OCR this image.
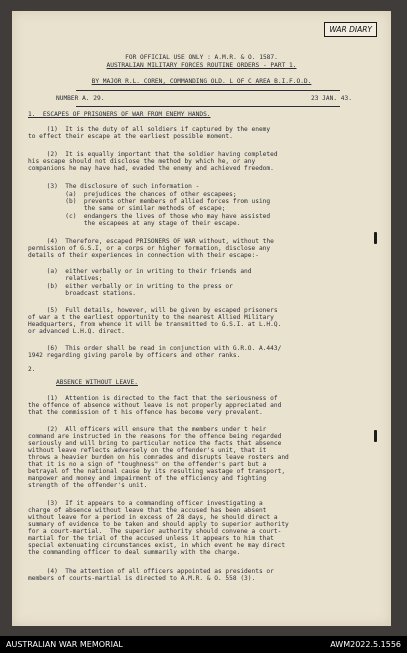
WAR DIARY
FOR OFFICIAL USE ONLY : A.M.R. & O. 1587.
AUSTRALIAN MILITARY FORCES ROUTINE ORDERS - PART 1.
BY MAJOR R.L. COREN, COMMANDING OLD. L OF C AREA B.I.F.O.D.
NUMBER A. 29.	23 JAN. 43.
1.  ESCAPES OF PRISONERS OF WAR FROM ENEMY HANDS.
(1)  It is the duty of all soldiers if captured by the enemy
to effect their escape at the earliest possible moment.
(2)  It is equally important that the soldier having completed
his escape should not disclose the method by which he, or any
companions he may have had, evaded the enemy and achieved freedom.
(3)  The disclosure of such information -
(a)  prejudices the chances of other escapees;
(b)  prevents other members of allied forces from using
the same or similar methods of escape;
(c)  endangers the lives of those who may have assisted
the escapees at any stage of their escape.
(4)  Therefore, escaped PRISONERS OF WAR without, without the
permission of G.S.I, or a corps or higher formation, disclose any
details of their experiences in connection with their escape:-
(a)  either verbally or in writing to their friends and
relatives;
(b)  either verbally or in writing to the press or
broadcast stations.
(5)  Full details, however, will be given by escaped prisoners
of war a t the earliest opportunity to the nearest Allied Military
Headquarters, from whence it will be transmitted to G.S.I. at L.H.Q.
or advanced L.H.Q. direct.
(6)  This order shall be read in conjunction with G.R.O. A.443/
1942 regarding giving parole by officers and other ranks.
2.
ABSENCE WITHOUT LEAVE.
(1)  Attention is directed to the fact that the seriousness of
the offence of absence without leave is not properly appreciated and
that the commission of t his offence has become very prevalent.
(2)  All officers will ensure that the members under t heir
command are instructed in the reasons for the offence being regarded
seriously and will bring to particular notice the facts that absence
without leave reflects adversely on the offender's unit, that it
throws a heavier burden on his comrades and disrupts leave rosters and
that it is no a sign of "toughness" on the offender's part but a
betrayal of the national cause by its resulting wastage of transport,
manpower and money and impairment of the efficiency and fighting
strength of the offender's unit.
(3)  If it appears to a commanding officer investigating a
charge of absence without leave that the accused has been absent
without leave for a period in excess of 28 days, he should direct a
summary of evidence to be taken and should apply to superior authority
for a court-martial.  The superior authority should convene a court-
martial for the trial of the accused unless it appears to him that
special extenuating circumstances exist, in which event he may direct
the commanding officer to deal summarily with the charge.
(4)  The attention of all officers appointed as presidents or
members of courts-martial is directed to A.M.R. & O. 558 (3).
AUSTRALIAN WAR MEMORIAL	AWM2022.5.1556
